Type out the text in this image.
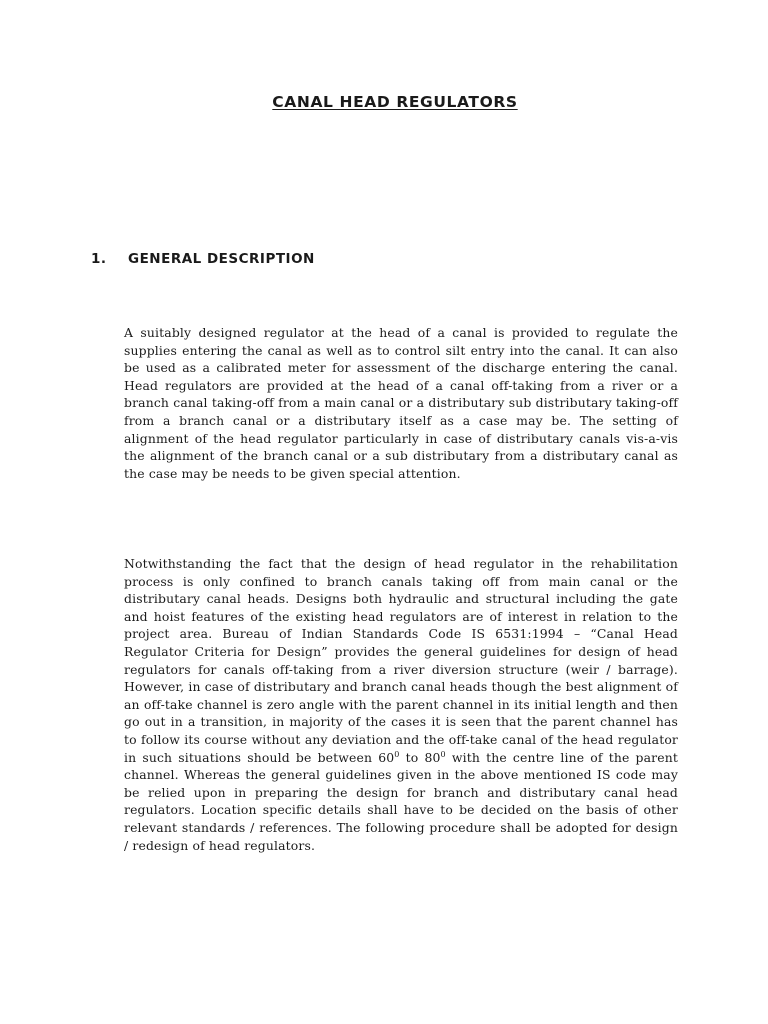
CANAL HEAD REGULATORS
1. GENERAL DESCRIPTION

A suitably designed regulator at the head of a canal is provided to regulate the supplies entering the canal as well as to control silt entry into the canal. It can also be used as a calibrated meter for assessment of the discharge entering the canal. Head regulators are provided at the head of a canal off-taking from a river or a branch canal taking-off from a main canal or a distributary sub distributary taking-off from a branch canal or a distributary itself as a case may be. The setting of alignment of the head regulator particularly in case of distributary canals vis-a-vis the alignment of the branch canal or a sub distributary from a distributary canal as the case may be needs to be given special attention.

Notwithstanding the fact that the design of head regulator in the rehabilitation process is only confined to branch canals taking off from main canal or the distributary canal heads. Designs both hydraulic and structural including the gate and hoist features of the existing head regulators are of interest in relation to the project area. Bureau of Indian Standards Code IS 6531:1994 – “Canal Head Regulator Criteria for Design” provides the general guidelines for design of head regulators for canals off-taking from a river diversion structure (weir / barrage). However, in case of distributary and branch canal heads though the best alignment of an off-take channel is zero angle with the parent channel in its initial length and then go out in a transition, in majority of the cases it is seen that the parent channel has to follow its course without any deviation and the off-take canal of the head regulator in such situations should be between $60^0$ to $80^0$ with the centre line of the parent channel. Whereas the general guidelines given in the above mentioned IS code may be relied upon in preparing the design for branch and distributary canal head regulators. Location specific details shall have to be decided on the basis of other relevant standards / references. The following procedure shall be adopted for design / redesign of head regulators.
